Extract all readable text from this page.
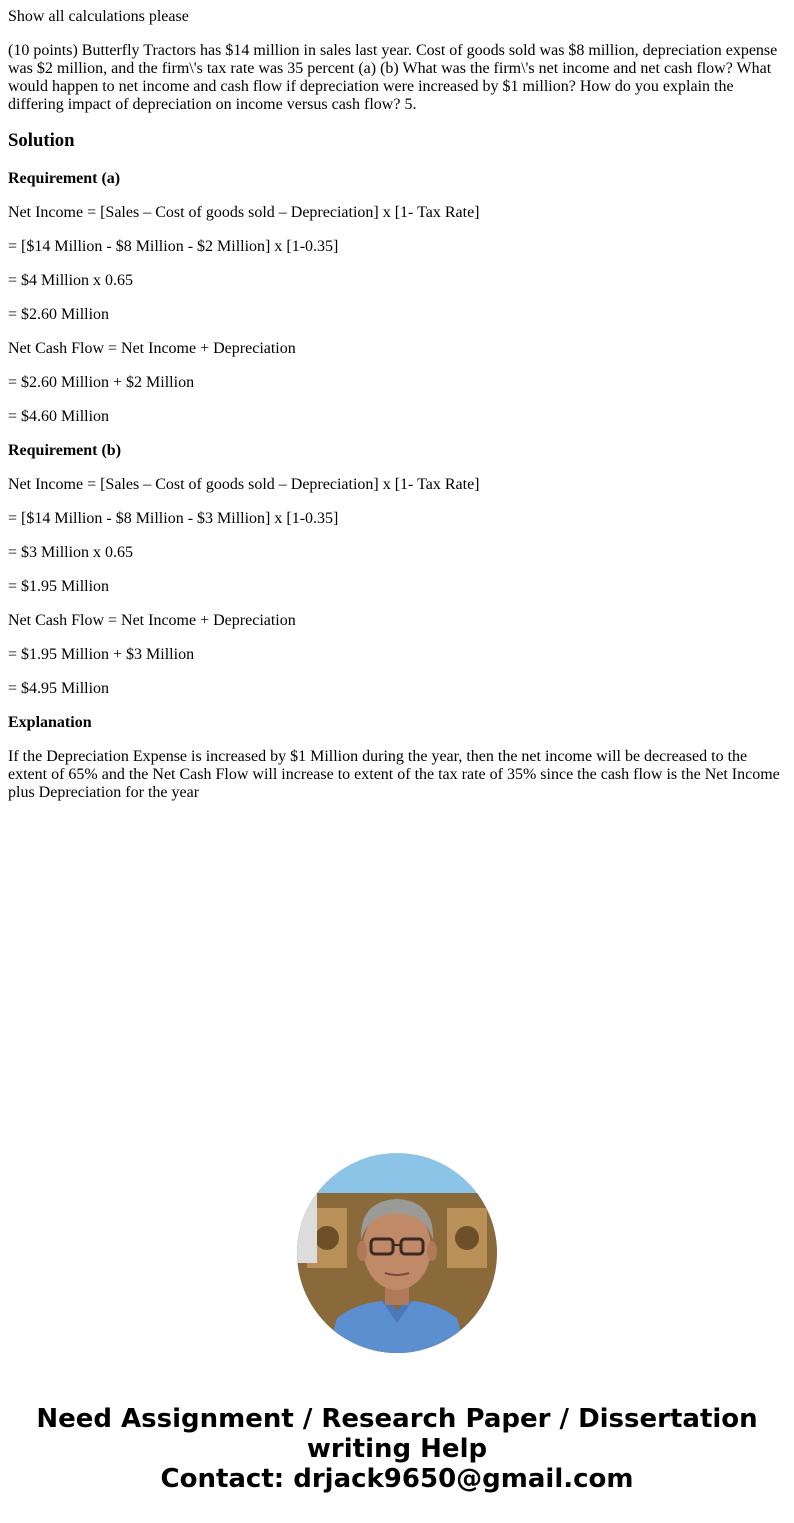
Show all calculations please

(10 points) Butterfly Tractors has $14 million in sales last year. Cost of goods sold was $8 million, depreciation expense was $2 million, and the firm\'s tax rate was 35 percent (a) (b) What was the firm\'s net income and net cash flow? What would happen to net income and cash flow if depreciation were increased by $1 million? How do you explain the differing impact of depreciation on income versus cash flow? 5.

Solution

Requirement (a)

Net Income = [Sales – Cost of goods sold – Depreciation] x [1- Tax Rate]

= [$14 Million - $8 Million - $2 Million] x [1-0.35]

= $4 Million x 0.65

= $2.60 Million

Net Cash Flow = Net Income + Depreciation

= $2.60 Million + $2 Million

= $4.60 Million

Requirement (b)

Net Income = [Sales – Cost of goods sold – Depreciation] x [1- Tax Rate]

= [$14 Million - $8 Million - $3 Million] x [1-0.35]

= $3 Million x 0.65

= $1.95 Million

Net Cash Flow = Net Income + Depreciation

= $1.95 Million + $3 Million

= $4.95 Million

Explanation

If the Depreciation Expense is increased by $1 Million during the year, then the net income will be decreased to the extent of 65% and the Net Cash Flow will increase to extent of the tax rate of 35% since the cash flow is the Net Income plus Depreciation for the year

Need Assignment / Research Paper / Dissertation
writing Help
Contact: drjack9650@gmail.com
